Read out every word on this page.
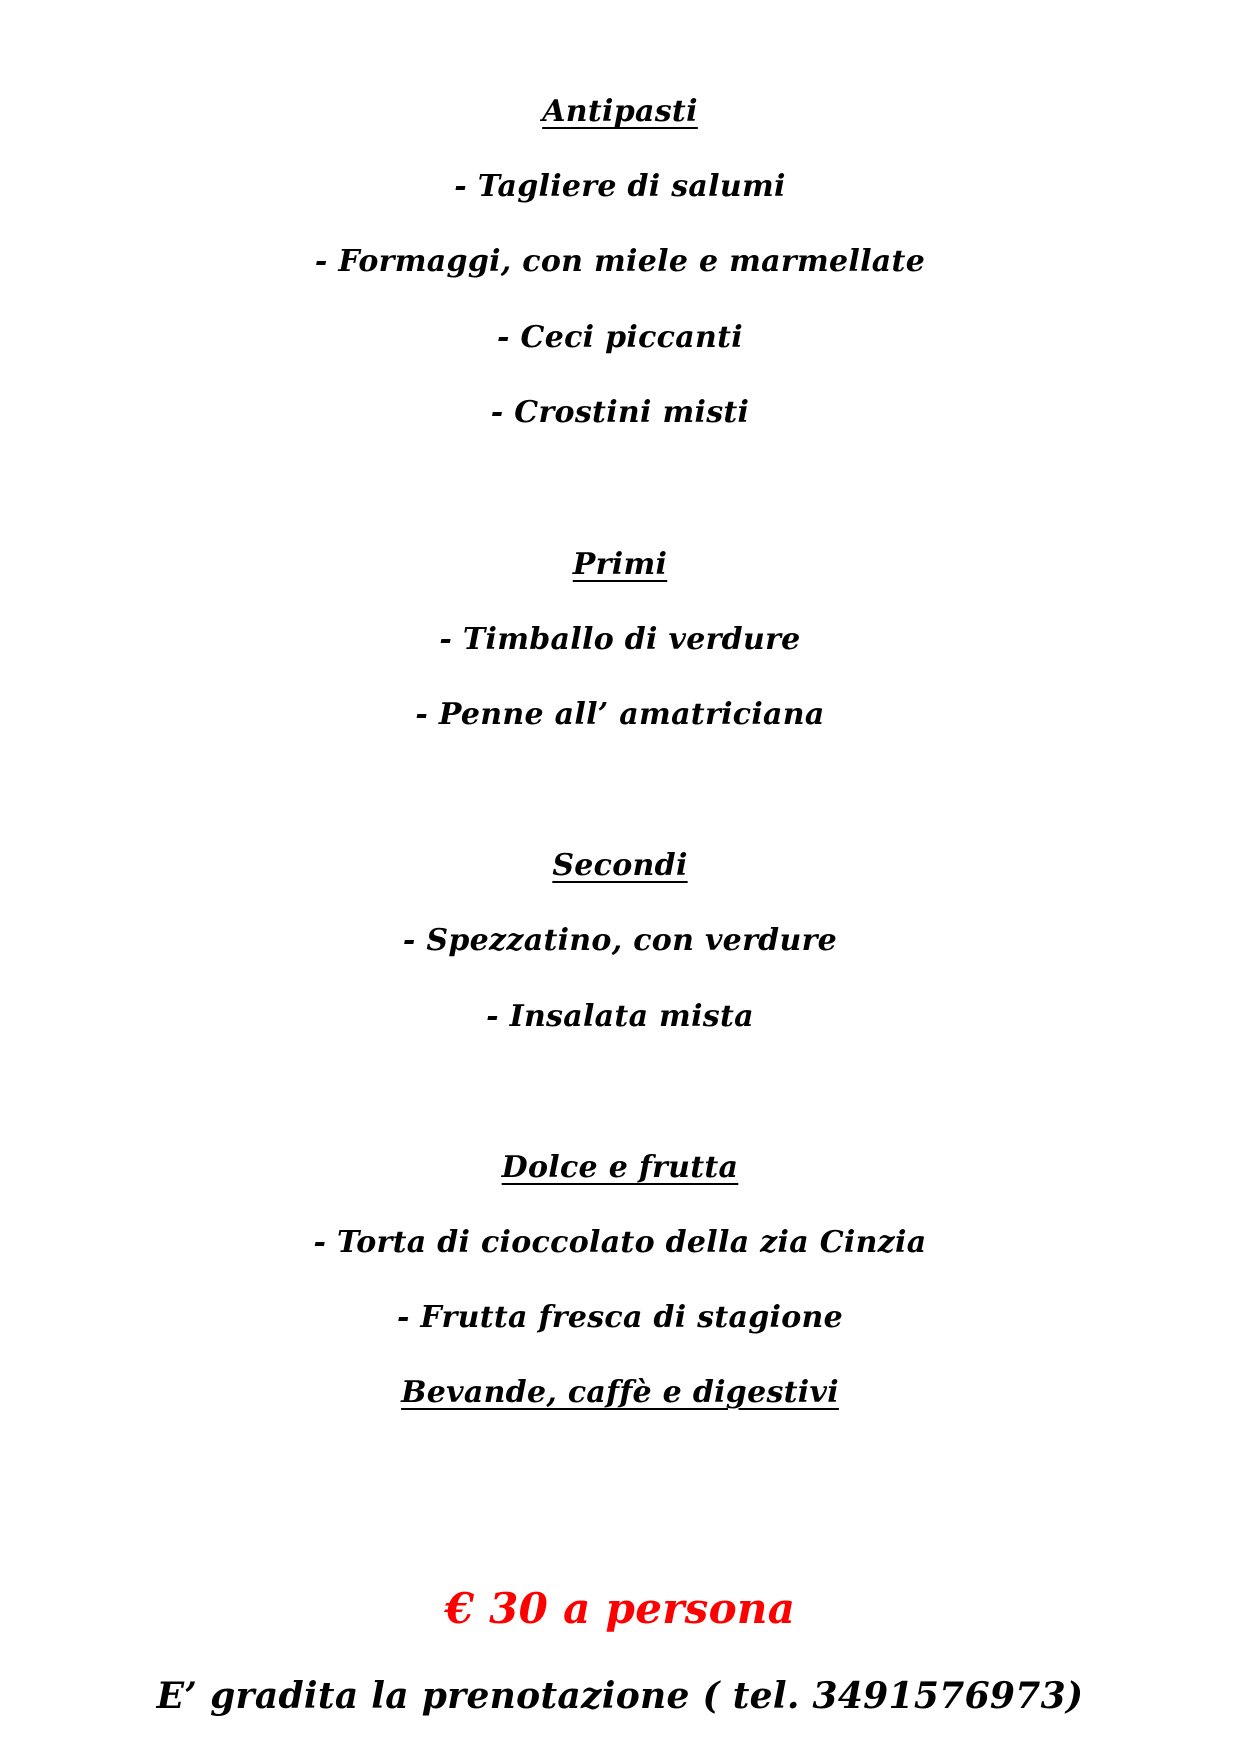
Antipasti
- Tagliere di salumi
- Formaggi, con miele e marmellate
- Ceci piccanti
- Crostini misti
Primi
- Timballo di verdure
- Penne all’ amatriciana
Secondi
- Spezzatino, con verdure
- Insalata mista
Dolce e frutta
- Torta di cioccolato della zia Cinzia
- Frutta fresca di stagione
Bevande, caffè e digestivi
€ 30 a persona
E’ gradita la prenotazione ( tel. 3491576973)
